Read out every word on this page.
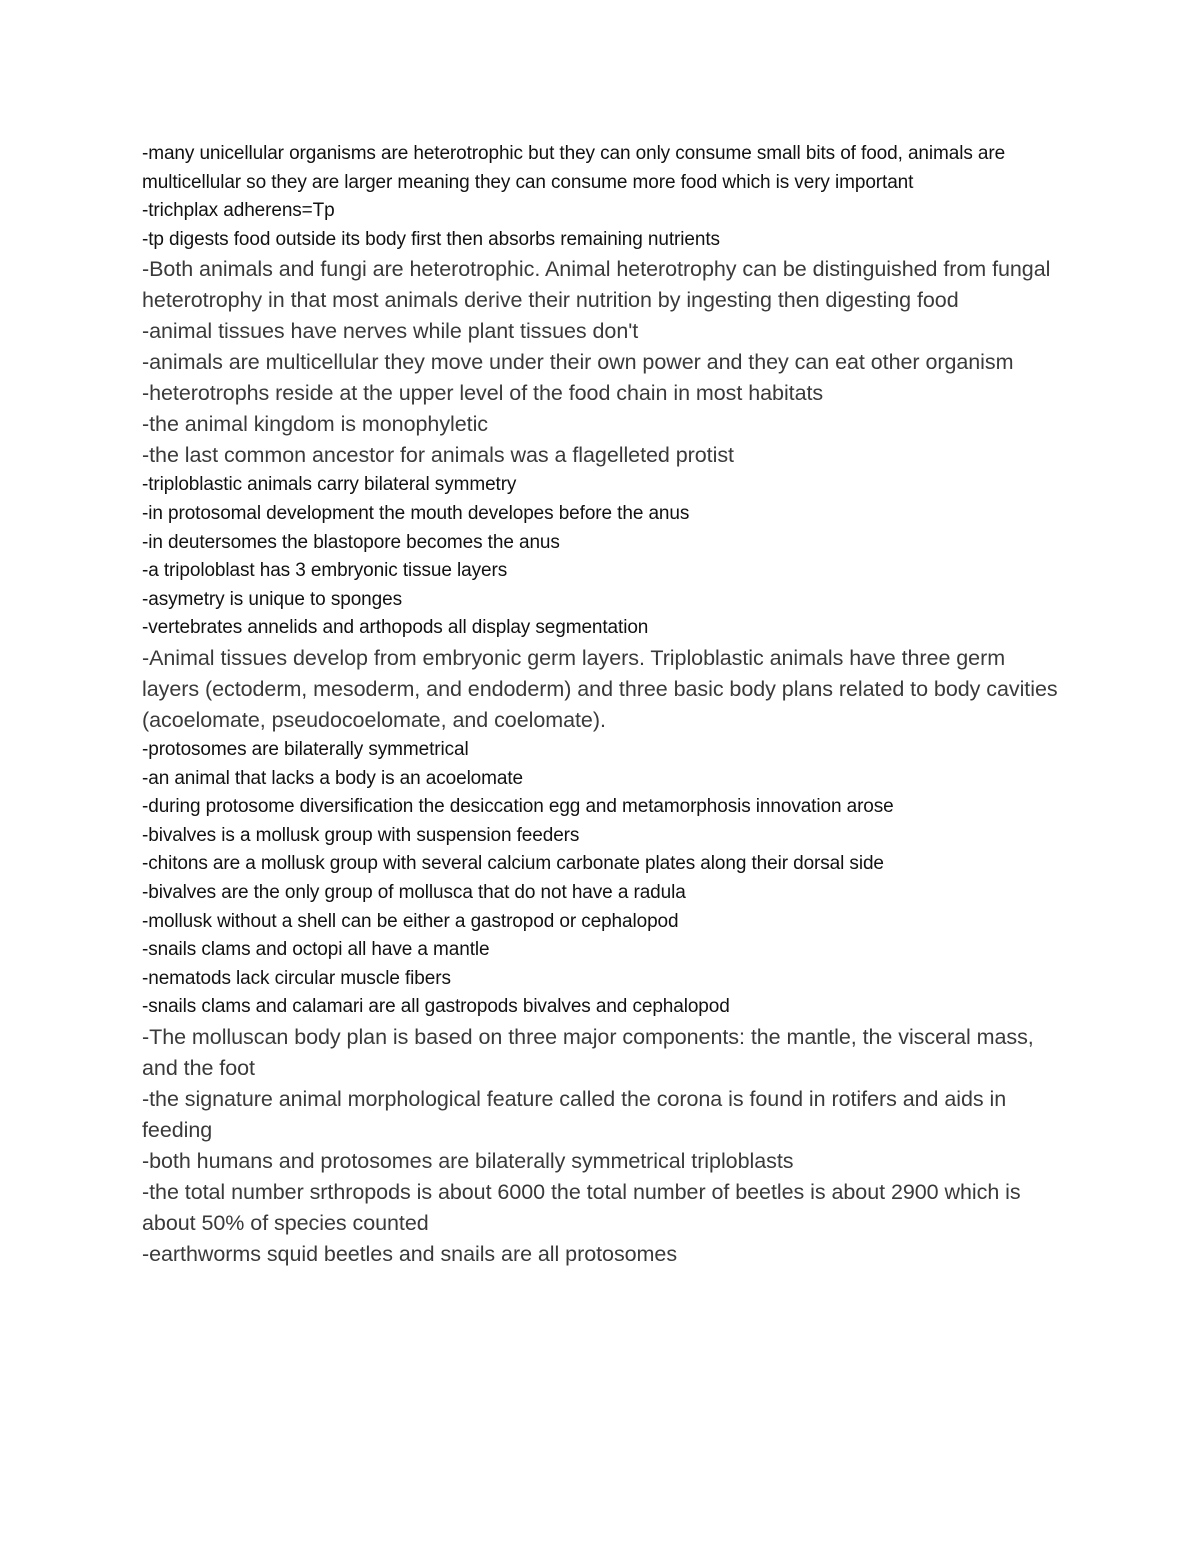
-many unicellular organisms are heterotrophic but they can only consume small bits of food, animals are multicellular so they are larger meaning they can consume more food which is very important
-trichplax adherens=Tp
-tp digests food outside its body first then absorbs remaining nutrients
-Both animals and fungi are heterotrophic. Animal heterotrophy can be distinguished from fungal heterotrophy in that most animals derive their nutrition by ingesting then digesting food
-animal tissues have nerves while plant tissues don't
-animals are multicellular they move under their own power and they can eat other organism
-heterotrophs reside at the upper level of the food chain in most habitats
-the animal kingdom is monophyletic
-the last common ancestor for animals was a flagelleted protist
-triploblastic animals carry bilateral symmetry
-in protosomal development the mouth developes before the anus
-in deutersomes the blastopore becomes the anus
-a tripoloblast has 3 embryonic tissue layers
-asymetry is unique to sponges
-vertebrates annelids and arthopods all display segmentation
-Animal tissues develop from embryonic germ layers. Triploblastic animals have three germ layers (ectoderm, mesoderm, and endoderm) and three basic body plans related to body cavities (acoelomate, pseudocoelomate, and coelomate).
-protosomes are bilaterally symmetrical
-an animal that lacks a body is an acoelomate
-during protosome diversification the desiccation egg and metamorphosis innovation arose
-bivalves is a mollusk group with suspension feeders
-chitons are a mollusk group with several calcium carbonate plates along their dorsal side
-bivalves are the only group of mollusca that do not have a radula
-mollusk without a shell can be either a gastropod or cephalopod
-snails clams and octopi all have a mantle
-nematods lack circular muscle fibers
-snails clams and calamari are all gastropods bivalves and cephalopod
-The molluscan body plan is based on three major components: the mantle, the visceral mass, and the foot
-the signature animal morphological feature called the corona is found in rotifers and aids in feeding
-both humans and protosomes are bilaterally symmetrical triploblasts
-the total number srthropods is about 6000 the total number of beetles is about 2900 which is about 50% of species counted
-earthworms squid beetles and snails are all protosomes
